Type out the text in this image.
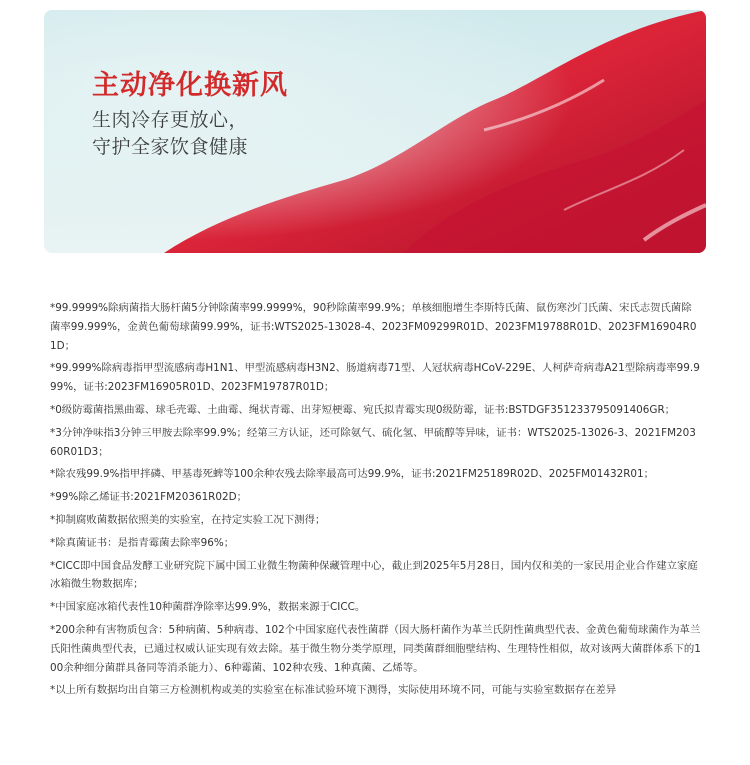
主动净化换新风
生肉冷存更放心，
守护全家饮食健康

*99.9999%除病菌指大肠杆菌5分钟除菌率99.9999%，90秒除菌率99.9%；单核细胞增生李斯特氏菌、鼠伤寒沙门氏菌、宋氏志贺氏菌除菌率99.999%，金黄色葡萄球菌99.99%，证书:WTS2025-13028-4、2023FM09299R01D、2023FM19788R01D、2023FM16904R01D；

*99.999%除病毒指甲型流感病毒H1N1、甲型流感病毒H3N2、肠道病毒71型、人冠状病毒HCoV-229E、人柯萨奇病毒A21型除病毒率99.999%，证书:2023FM16905R01D、2023FM19787R01D；

*0级防霉菌指黑曲霉、球毛壳霉、土曲霉、绳状青霉、出芽短梗霉、宛氏拟青霉实现0级防霉，证书:BSTDGF351233795091406GR；

*3分钟净味指3分钟三甲胺去除率99.9%；经第三方认证，还可除氨气、硫化氢、甲硫醇等异味，证书：WTS2025-13026-3、2021FM20360R01D3；

*除农残99.9%指甲拌磷、甲基毒死蜱等100余种农残去除率最高可达99.9%，证书:2021FM25189R02D、2025FM01432R01；

*99%除乙烯证书:2021FM20361R02D；

*抑制腐败菌数据依照美的实验室，在持定实验工况下测得；

*除真菌证书：是指青霉菌去除率96%；

*CICC即中国食品发酵工业研究院下属中国工业微生物菌种保藏管理中心，截止到2025年5月28日，国内仅和美的一家民用企业合作建立家庭冰箱微生物数据库；

*中国家庭冰箱代表性10种菌群净除率达99.9%，数据来源于CICC。

*200余种有害物质包含：5种病菌、5种病毒、102个中国家庭代表性菌群（因大肠杆菌作为革兰氏阴性菌典型代表、金黄色葡萄球菌作为革兰氏阳性菌典型代表，已通过权威认证实现有效去除。基于微生物分类学原理，同类菌群细胞壁结构、生理特性相似，故对该两大菌群体系下的100余种细分菌群具备同等消杀能力）、6种霉菌、102种农残、1种真菌、乙烯等。

*以上所有数据均出自第三方检测机构或美的实验室在标准试验环境下测得，实际使用环境不同，可能与实验室数据存在差异
